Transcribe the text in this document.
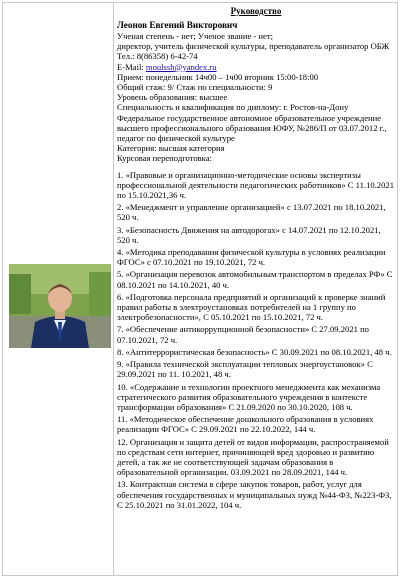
Руководство
Леонов Евгений Викторович

Ученая степень - нет; Ученое звание - нет;

директор, учитель физической культуры, преподаватель организатор ОБЖ

Тел.: 8(86358) 6-42-74

E-Mail: moulssh@yandex.ru

Прием: понедельник 14ч00 – 1ч00 вторник 15:00-18:00

Общий стаж: 9/ Стаж по специальности: 9

Уровень образования: высшее

Специальность и квалификация по диплому: г. Ростов-на-Дону Федеральное государственное автономное образовательное учреждение высшего профессионального образования ЮФУ, №286/П от 03.07.2012 г., педагог по физической культуре

Категория: высшая категория

Курсовая переподготовка:

1. «Правовые и организационно-методические основы экспертизы профессиональной деятельности педагогических работников» С 11.10.2021 по 15.10.2021,36 ч.

2. «Менеджмент и управление организацией» с 13.07.2021 по 18.10.2021, 520 ч.

3. «Безопасность Движения на автодорогах» с 14.07.2021 по 12.10.2021, 520 ч.

4. «Методика преподавания физической культуры в условиях реализации ФГОС» с 07.10.2021 по 19.10.2021, 72 ч.

5. «Организация перевозок автомобильным транспортом в пределах РФ» С 08.10.2021 по 14.10.2021, 40 ч.

6. «Подготовка персонала предприятий и организаций к проверке знаний правил работы в электроустановках потребителей на 1 группу по электробезопасности», С 05.10.2021 по 15.10.2021, 72 ч.

7. «Обеспечение антикоррупционной безопасности» С 27.09.2021 по 07.10.2021, 72 ч.

8. «Антитеррористическая безопасность» С 30.09.2021 по 08.10.2021, 48 ч.

9. «Правила технической эксплуатации тепловых энергоустановок» С 29.09.2021 по 11. 10.2021, 48 ч.

10. «Содержание и технологии проектного менеджмента как механизма стратегического развития образовательного учреждения в контексте трансформации образования» С 21.09.2020 по 30.10.2020, 108 ч.

11. «Методическое обеспечение дошкольного образования в условиях реализации ФГОС» С 29.09.2021 по 22.10.2022, 144 ч.

12. Организация и защита детей от видов информации, распространяемой по средствам сети интернет, причиняющей вред здоровью и развитию детей, а так же не соответствующей задачам образования в образовательной организации. 03.09.2021 по 28.09.2021, 144 ч.

13. Контрактная система в сфере закупок товаров, работ, услуг для обеспечения государственных и муниципальных нужд №44-ФЗ, №223-ФЗ, С 25.10.2021 по 31.01.2022, 104 ч.
